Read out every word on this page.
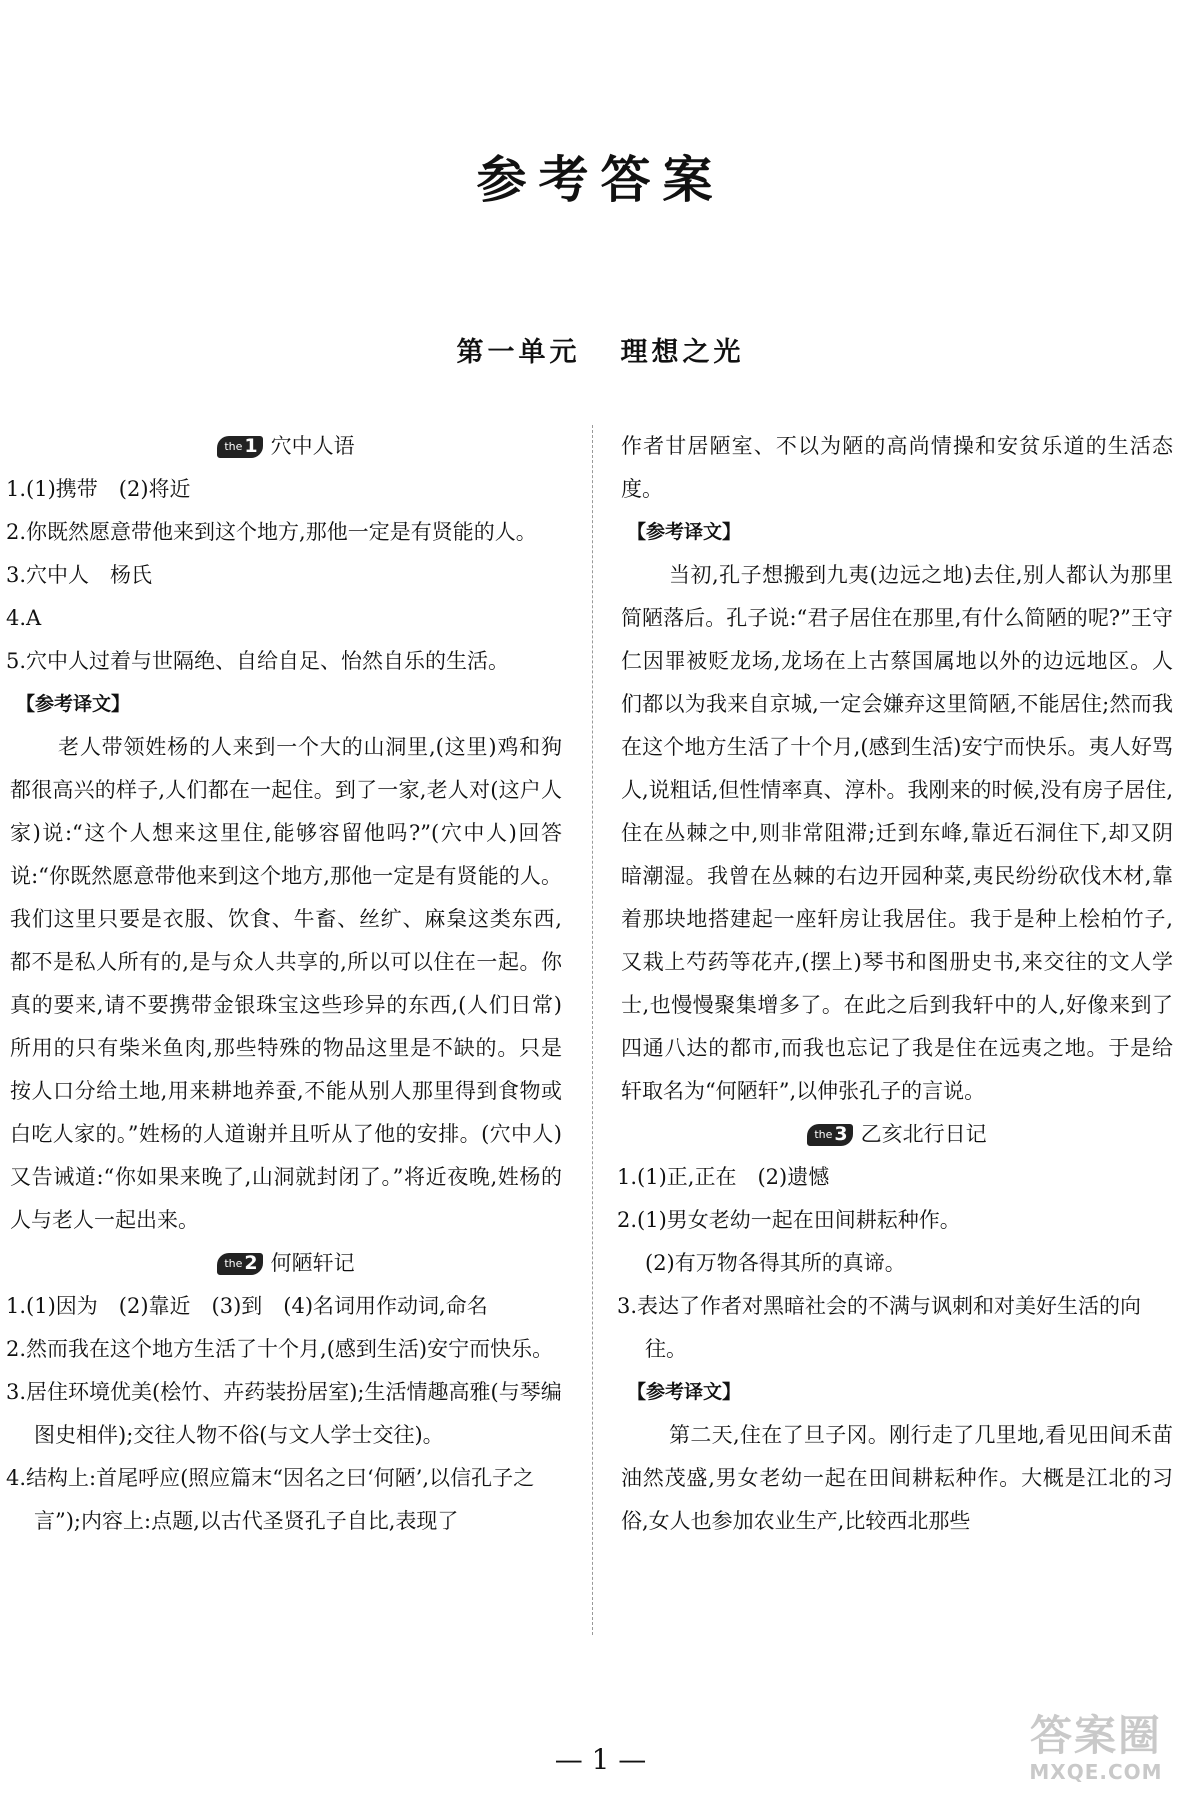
参考答案
第一单元 理想之光
the 1 穴中人语

1.(1)携带　(2)将近

2.你既然愿意带他来到这个地方,那他一定是有贤能的人。

3.穴中人　杨氏

4.A

5.穴中人过着与世隔绝、自给自足、怡然自乐的生活。

【参考译文】

老人带领姓杨的人来到一个大的山洞里,(这里)鸡和狗都很高兴的样子,人们都在一起住。到了一家,老人对(这户人家)说:“这个人想来这里住,能够容留他吗?”(穴中人)回答说:“你既然愿意带他来到这个地方,那他一定是有贤能的人。我们这里只要是衣服、饮食、牛畜、丝纩、麻枲这类东西,都不是私人所有的,是与众人共享的,所以可以住在一起。你真的要来,请不要携带金银珠宝这些珍异的东西,(人们日常)所用的只有柴米鱼肉,那些特殊的物品这里是不缺的。只是按人口分给土地,用来耕地养蚕,不能从别人那里得到食物或白吃人家的。”姓杨的人道谢并且听从了他的安排。(穴中人)又告诫道:“你如果来晚了,山洞就封闭了。”将近夜晚,姓杨的人与老人一起出来。

the 2 何陋轩记

1.(1)因为　(2)靠近　(3)到　(4)名词用作动词,命名

2.然而我在这个地方生活了十个月,(感到生活)安宁而快乐。

3.居住环境优美(桧竹、卉药装扮居室);生活情趣高雅(与琴编图史相伴);交往人物不俗(与文人学士交往)。

4.结构上:首尾呼应(照应篇末“因名之曰‘何陋’,以信孔子之言”);内容上:点题,以古代圣贤孔子自比,表现了

作者甘居陋室、不以为陋的高尚情操和安贫乐道的生活态度。

【参考译文】

当初,孔子想搬到九夷(边远之地)去住,别人都认为那里简陋落后。孔子说:“君子居住在那里,有什么简陋的呢?”王守仁因罪被贬龙场,龙场在上古蔡国属地以外的边远地区。人们都以为我来自京城,一定会嫌弃这里简陋,不能居住;然而我在这个地方生活了十个月,(感到生活)安宁而快乐。夷人好骂人,说粗话,但性情率真、淳朴。我刚来的时候,没有房子居住,住在丛棘之中,则非常阻滞;迁到东峰,靠近石洞住下,却又阴暗潮湿。我曾在丛棘的右边开园种菜,夷民纷纷砍伐木材,靠着那块地搭建起一座轩房让我居住。我于是种上桧柏竹子,又栽上芍药等花卉,(摆上)琴书和图册史书,来交往的文人学士,也慢慢聚集增多了。在此之后到我轩中的人,好像来到了四通八达的都市,而我也忘记了我是住在远夷之地。于是给轩取名为“何陋轩”,以伸张孔子的言说。

the 3 乙亥北行日记

1.(1)正,正在　(2)遗憾

2.(1)男女老幼一起在田间耕耘种作。

(2)有万物各得其所的真谛。

3.表达了作者对黑暗社会的不满与讽刺和对美好生活的向往。

【参考译文】

第二天,住在了旦子冈。刚行走了几里地,看见田间禾苗油然茂盛,男女老幼一起在田间耕耘种作。大概是江北的习俗,女人也参加农业生产,比较西北那些

— 1 —	答案圈
MXQE.COM
